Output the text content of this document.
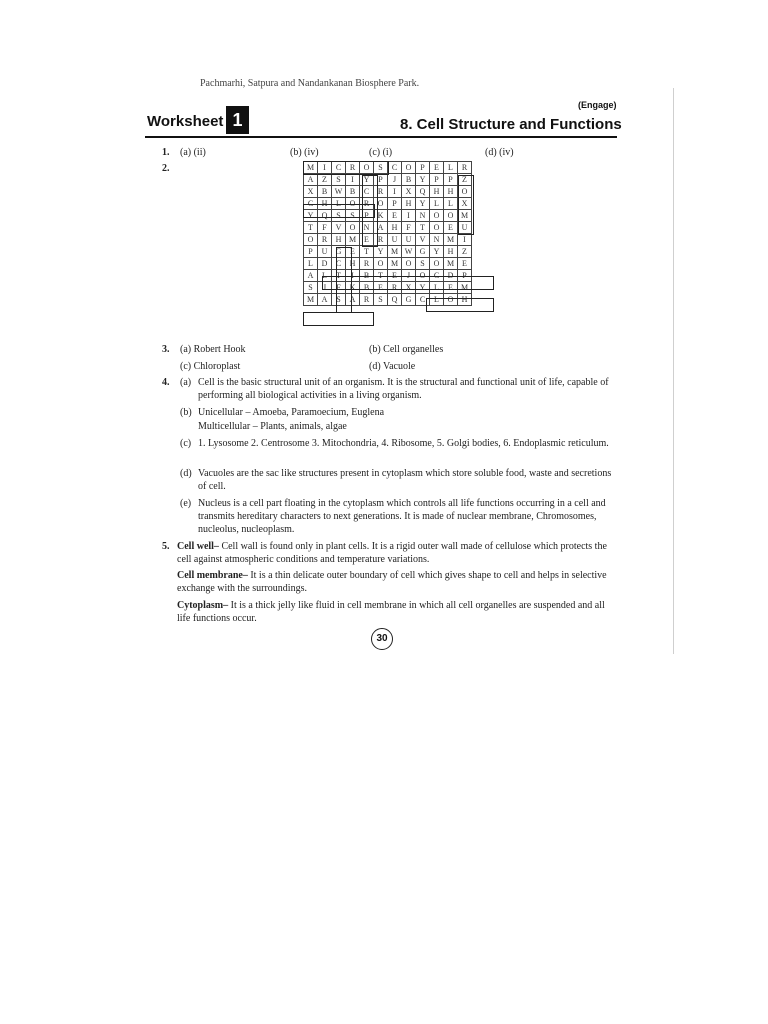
Pachmarhi, Satpura and Nandankanan Biosphere Park.
(Engage)
Worksheet 1	8. Cell Structure and Functions
1. (a) (ii)	(b) (iv)	(c) (i)	(d) (iv)
2.	M	I	C	R	O	S	C	O	P	E	L	R
A	Z	S	I	Y	P	J	B	Y	P	P	Z
X	B	W	B	C	R	I	X	Q	H	H	O
C	H	L	O	R	O	P	H	Y	L	L	X
Y	Q	S	S	P	K	E	I	N	O	O	M
T	F	V	O	N	A	H	F	T	O	E	U
O	R	H	M	E	R	U	U	V	N	M	I
P	U	G	E	T	Y	M	W	G	Y	H	Z
L	D	C	H	R	O	M	O	S	O	M	E
A	L	T	I	B	T	E	J	O	C	D	P
S	J	F	K	B	E	R	X	Y	L	E	M
M	A	S	A	R	S	Q	G	C	L	O	H
3. (a) Robert Hook	(b) Cell organelles
(c) Chloroplast	(d) Vacuole
4. (a) Cell is the basic structural unit of an organism. It is the structural and functional unit of life, capable of performing all biological activities in a living organism.
(b) Unicellular – Amoeba, Paramoecium, Euglena
Multicellular – Plants, animals, algae
(c) 1. Lysosome 2. Centrosome 3. Mitochondria, 4. Ribosome, 5. Golgi bodies, 6. Endoplasmic reticulum.
(d) Vacuoles are the sac like structures present in cytoplasm which store soluble food, waste and secretions of cell.
(e) Nucleus is a cell part floating in the cytoplasm which controls all life functions occurring in a cell and transmits hereditary characters to next generations. It is made of nuclear membrane, Chromosomes, nucleolus, nucleoplasm.
5. Cell well– Cell wall is found only in plant cells. It is a rigid outer wall made of cellulose which protects the cell against atmospheric conditions and temperature variations.
Cell membrane– It is a thin delicate outer boundary of cell which gives shape to cell and helps in selective exchange with the surroundings.
Cytoplasm– It is a thick jelly like fluid in cell membrane in which all cell organelles are suspended and all life functions occur.
30
